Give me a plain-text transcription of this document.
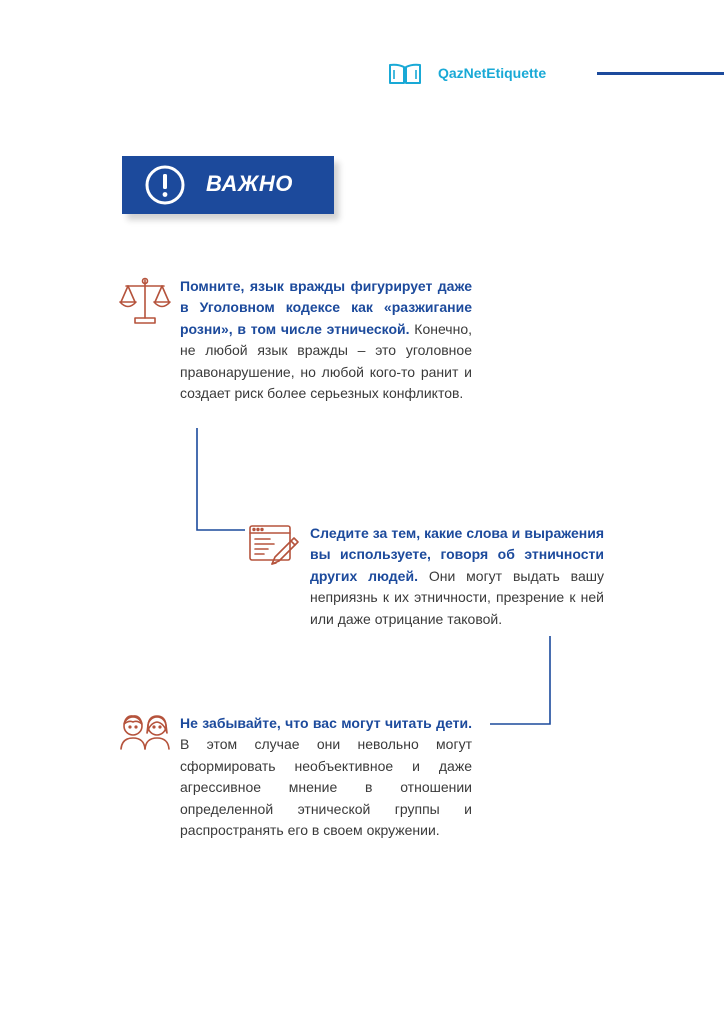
QazNetEtiquette
ВАЖНО
Помните, язык вражды фигурирует даже в Уголовном кодексе как «разжигание розни», в том числе этнической. Конечно, не любой язык вражды – это уголовное правонарушение, но любой кого-то ранит и создает риск более серьезных конфликтов.
Следите за тем, какие слова и выражения вы используете, говоря об этничности других людей. Они могут выдать вашу неприязнь к их этничности, презрение к ней или даже отрицание таковой.
Не забывайте, что вас могут читать дети. В этом случае они невольно могут сформировать необъективное и даже агрессивное мнение в отношении определенной этнической группы и распространять его в своем окружении.
